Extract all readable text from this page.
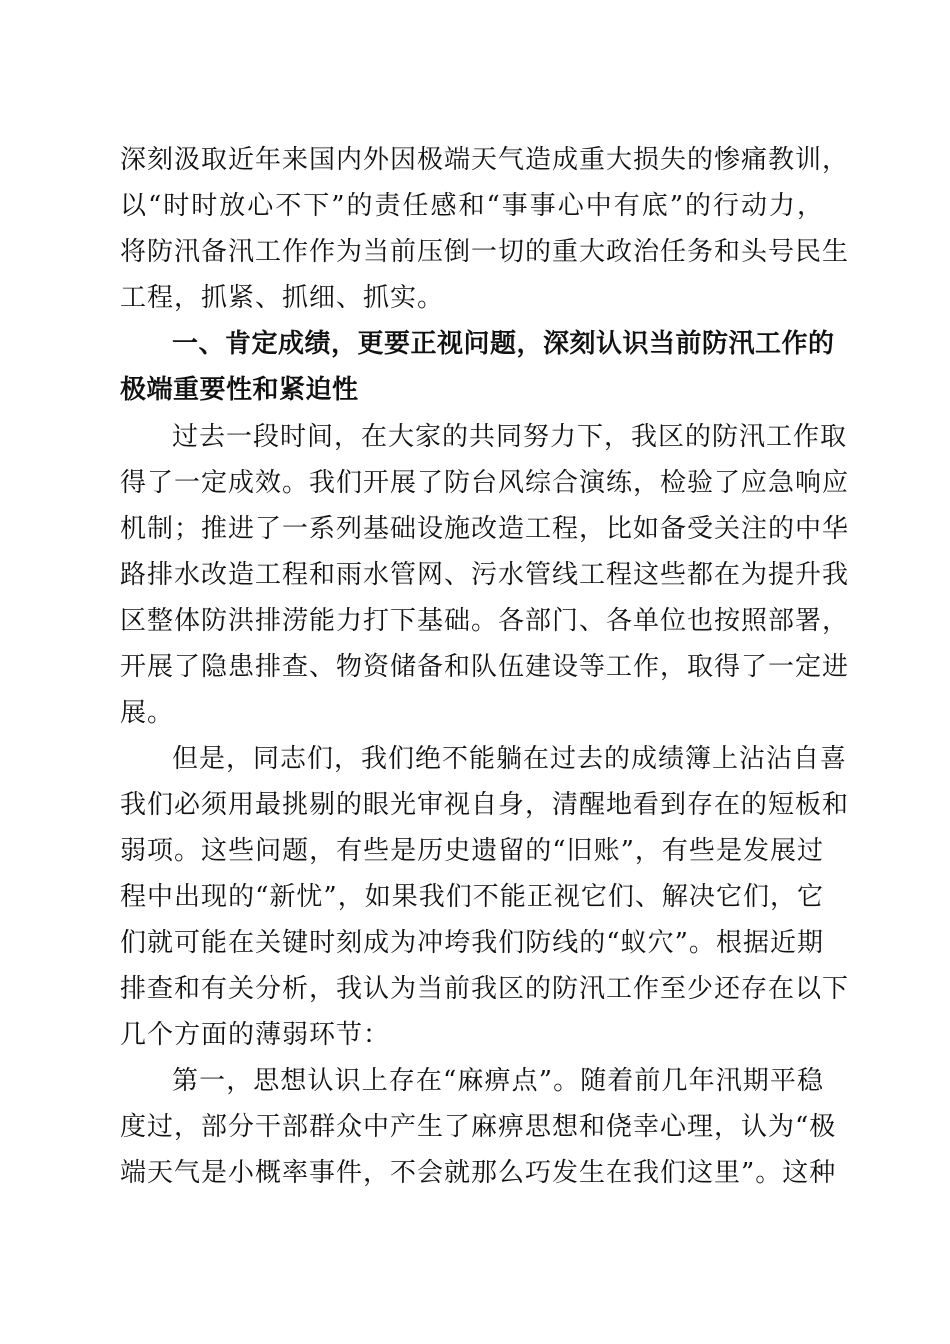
深刻汲取近年来国内外因极端天气造成重大损失的惨痛教训，
以“时时放心不下”的责任感和“事事心中有底”的行动力，
将防汛备汛工作作为当前压倒一切的重大政治任务和头号民生
工程，抓紧、抓细、抓实。
一、肯定成绩，更要正视问题，深刻认识当前防汛工作的
极端重要性和紧迫性
过去一段时间，在大家的共同努力下，我区的防汛工作取
得了一定成效。我们开展了防台风综合演练，检验了应急响应
机制；推进了一系列基础设施改造工程，比如备受关注的中华
路排水改造工程和雨水管网、污水管线工程这些都在为提升我
区整体防洪排涝能力打下基础。各部门、各单位也按照部署，
开展了隐患排查、物资储备和队伍建设等工作，取得了一定进
展。
但是，同志们，我们绝不能躺在过去的成绩簿上沾沾自喜
我们必须用最挑剔的眼光审视自身，清醒地看到存在的短板和
弱项。这些问题，有些是历史遗留的“旧账”，有些是发展过
程中出现的“新忧”，如果我们不能正视它们、解决它们，它
们就可能在关键时刻成为冲垮我们防线的“蚁穴”。根据近期
排查和有关分析，我认为当前我区的防汛工作至少还存在以下
几个方面的薄弱环节：
第一，思想认识上存在“麻痹点”。随着前几年汛期平稳
度过，部分干部群众中产生了麻痹思想和侥幸心理，认为“极
端天气是小概率事件，不会就那么巧发生在我们这里”。这种
